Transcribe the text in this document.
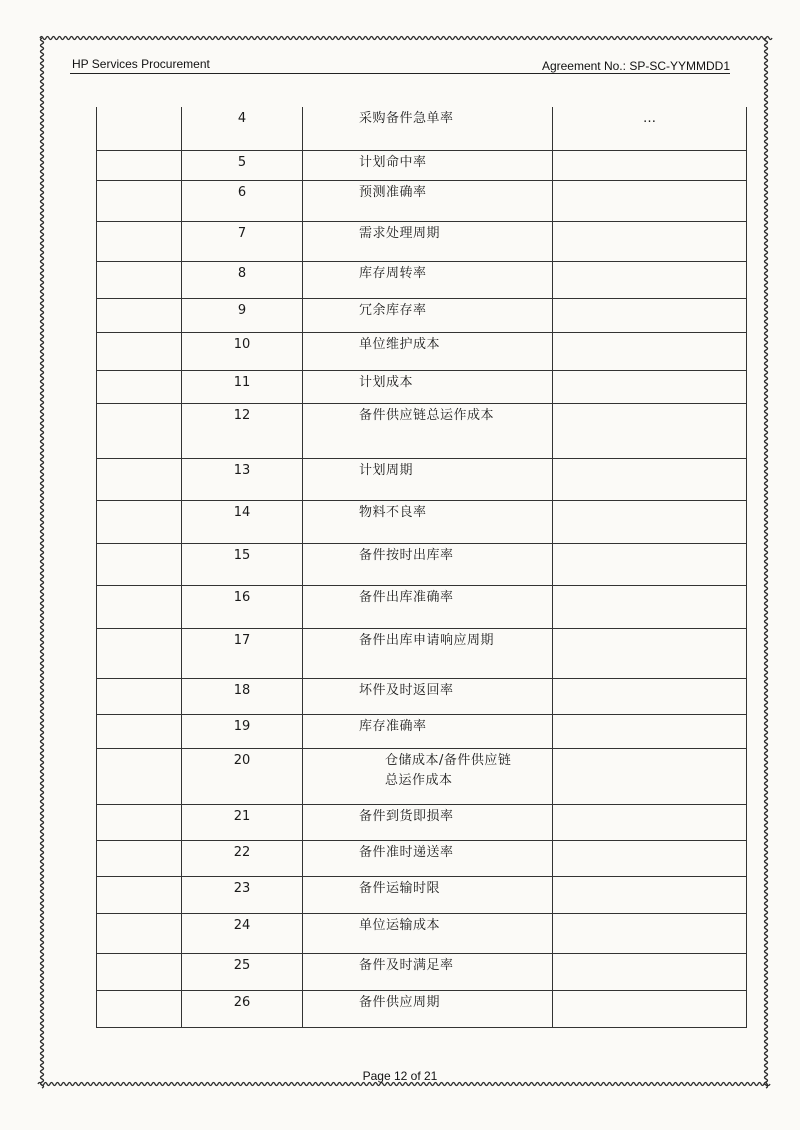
HP Services Procurement	Agreement No.: SP-SC-YYMMDD1
	4	采购备件急单率	…
	5	计划命中率	

	6	预测准确率	

	7	需求处理周期	

	8	库存周转率	

	9	冗余库存率	

	10	单位维护成本	

	11	计划成本	

	12	备件供应链总运作成本	

	13	计划周期	

	14	物料不良率	

	15	备件按时出库率	

	16	备件出库准确率	

	17	备件出库申请响应周期	

	18	坏件及时返回率	

	19	库存准确率	

	20	仓储成本/备件供应链总运作成本	

	21	备件到货即损率	

	22	备件准时递送率	

	23	备件运输时限	

	24	单位运输成本	

	25	备件及时满足率	

	26	备件供应周期	

Page 12 of 21
